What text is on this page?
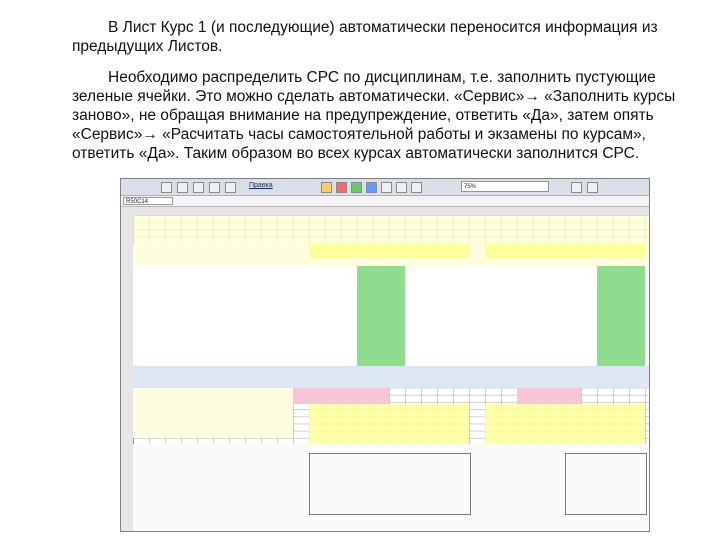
В Лист Курс 1 (и последующие) автоматически переносится информация из предыдущих Листов.

Необходимо распределить СРС по дисциплинам, т.е. заполнить пустующие зеленые ячейки. Это можно сделать автоматически. «Сервис»→ «Заполнить курсы заново», не обращая внимание на предупреждение, ответить «Да», затем опять «Сервис»→ «Расчитать часы самостоятельной работы и экзамены по курсам», ответить «Да». Таким образом во всех курсах автоматически заполнится СРС.

Правка	75%
R50C14
